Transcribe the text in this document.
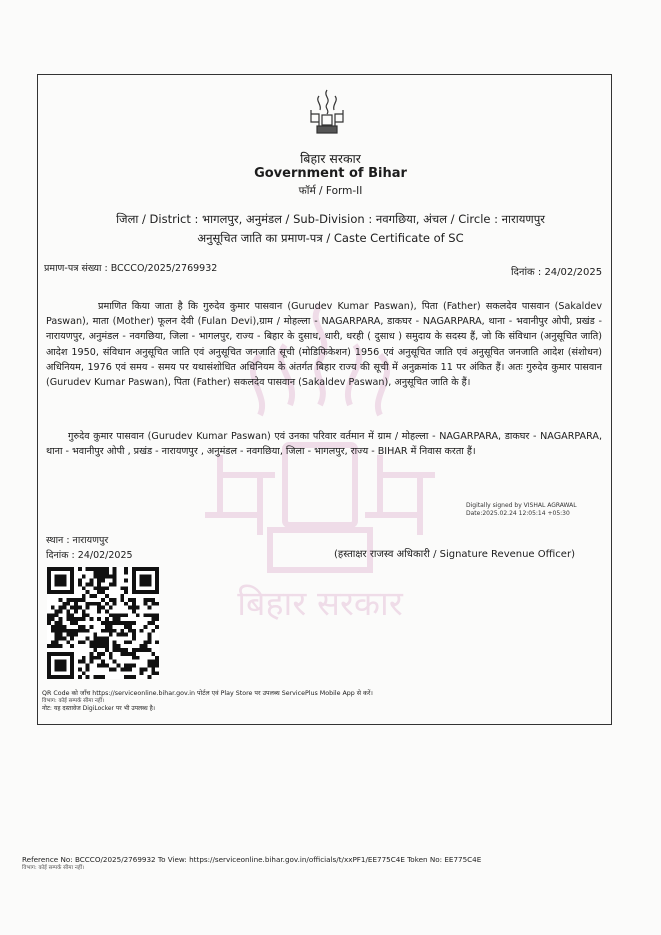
बिहार सरकार
बिहार सरकार
Government of Bihar
फॉर्म / Form-II
जिला / District : भागलपुर, अनुमंडल / Sub-Division : नवगछिया, अंचल / Circle : नारायणपुर
अनुसूचित जाति का प्रमाण-पत्र / Caste Certificate of SC
प्रमाण-पत्र संख्या : BCCCO/2025/2769932	दिनांक : 24/02/2025
प्रमाणित किया जाता है कि गुरुदेव कुमार पासवान (Gurudev Kumar Paswan), पिता (Father) सकलदेव पासवान (Sakaldev Paswan), माता (Mother) फूलन देवी (Fulan Devi),ग्राम / मोहल्ला - NAGARPARA, डाकघर - NAGARPARA, थाना - भवानीपुर ओपी, प्रखंड - नारायणपुर, अनुमंडल - नवगछिया, जिला - भागलपुर, राज्य - बिहार के दुसाध, धारी, धरही ( दुसाध ) समुदाय के सदस्य हैं, जो कि संविधान (अनुसूचित जाति) आदेश 1950, संविधान अनुसूचित जाति एवं अनुसूचित जनजाति सूची (मोडिफिकेशन) 1956 एवं अनुसूचित जाति एवं अनुसूचित जनजाति आदेश (संशोधन) अधिनियम, 1976 एवं समय - समय पर यथासंशोधित अधिनियम के अंतर्गत बिहार राज्य की सूची में अनुक्रमांक 11 पर अंकित हैं। अतः गुरुदेव कुमार पासवान (Gurudev Kumar Paswan), पिता (Father) सकलदेव पासवान (Sakaldev Paswan), अनुसूचित जाति के हैं।
गुरुदेव कुमार पासवान (Gurudev Kumar Paswan) एवं उनका परिवार वर्तमान में ग्राम / मोहल्ला - NAGARPARA, डाकघर - NAGARPARA, थाना - भवानीपुर ओपी , प्रखंड - नारायणपुर , अनुमंडल - नवगछिया, जिला - भागलपुर, राज्य - BIHAR में निवास करता हैं।
Digitally signed by VISHAL AGRAWAL
Date:2025.02.24 12:05:14 +05:30
स्थान : नारायणपुर
दिनांक : 24/02/2025	(हस्ताक्षर राजस्व अधिकारी / Signature Revenue Officer)
QR Code को जाँच https://serviceonline.bihar.gov.in पोर्टल एवं Play Store पर उपलब्ध ServicePlus Mobile App से करें।
विभाग: कोई सम्पर्क सीमा नहीं।
नोट: यह दस्तावेज DigiLocker पर भी उपलब्ध है।
Reference No: BCCCO/2025/2769932 To View: https://serviceonline.bihar.gov.in/officials/t/xxPF1/EE775C4E Token No: EE775C4E
विभाग: कोई सम्पर्क सीमा नहीं।
